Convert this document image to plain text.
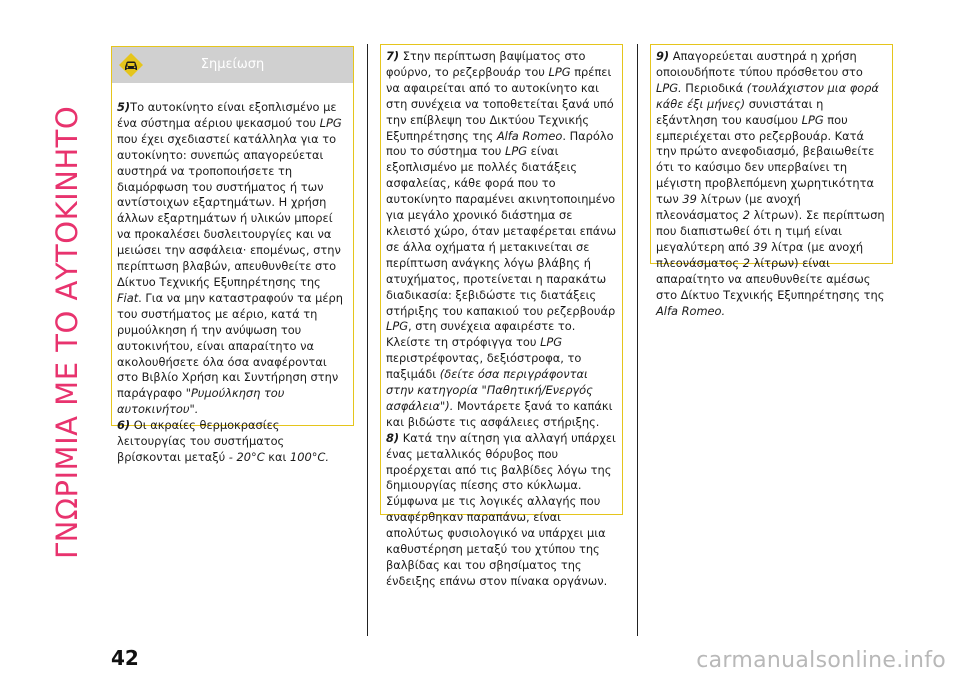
ΓΝΩΡΙΜΙΑ ΜΕ ΤΟ ΑΥΤΟΚΙΝΗΤΟ
Σημείωση

5)Το αυτοκίνητο είναι εξοπλισμένο με ένα σύστημα αέριου ψεκασμού του LPG που έχει σχεδιαστεί κατάλληλα για το αυτοκίνητο: συνεπώς απαγορεύεται αυστηρά να τροποποιήσετε τη διαμόρφωση του συστήματος ή των αντίστοιχων εξαρτημάτων. Η χρήση άλλων εξαρτημάτων ή υλικών μπορεί να προκαλέσει δυσλειτουργίες και να μειώσει την ασφάλεια· επομένως, στην περίπτωση βλαβών, απευθυνθείτε στο Δίκτυο Τεχνικής Εξυπηρέτησης της Fiat. Για να μην καταστραφούν τα μέρη του συστήματος με αέριο, κατά τη ρυμούλκηση ή την ανύψωση του αυτοκινήτου, είναι απαραίτητο να ακολουθήσετε όλα όσα αναφέρονται στο Βιβλίο Χρήση και Συντήρηση στην παράγραφο "Ρυμούλκηση του αυτοκινήτου".

6) Οι ακραίες θερμοκρασίες λειτουργίας του συστήματος βρίσκονται μεταξύ - 20°C και 100°C.

7) Στην περίπτωση βαψίματος στο φούρνο, το ρεζερβουάρ του LPG πρέπει να αφαιρείται από το αυτοκίνητο και στη συνέχεια να τοποθετείται ξανά υπό την επίβλεψη του Δικτύου Τεχνικής Εξυπηρέτησης της Alfa Romeo. Παρόλο που το σύστημα του LPG είναι εξοπλισμένο με πολλές διατάξεις ασφαλείας, κάθε φορά που το αυτοκίνητο παραμένει ακινητοποιημένο για μεγάλο χρονικό διάστημα σε κλειστό χώρο, όταν μεταφέρεται επάνω σε άλλα οχήματα ή μετακινείται σε περίπτωση ανάγκης λόγω βλάβης ή ατυχήματος, προτείνεται η παρακάτω διαδικασία: ξεβιδώστε τις διατάξεις στήριξης του καπακιού του ρεζερβουάρ LPG, στη συνέχεια αφαιρέστε το. Κλείστε τη στρόφιγγα του LPG περιστρέφοντας, δεξιόστροφα, το παξιμάδι (δείτε όσα περιγράφονται στην κατηγορία "Παθητική/Ενεργός ασφάλεια"). Μοντάρετε ξανά το καπάκι και βιδώστε τις ασφάλειες στήριξης.

8) Κατά την αίτηση για αλλαγή υπάρχει ένας μεταλλικός θόρυβος που προέρχεται από τις βαλβίδες λόγω της δημιουργίας πίεσης στο κύκλωμα. Σύμφωνα με τις λογικές αλλαγής που αναφέρθηκαν παραπάνω, είναι απολύτως φυσιολογικό να υπάρχει μια καθυστέρηση μεταξύ του χτύπου της βαλβίδας και του σβησίματος της ένδειξης επάνω στον πίνακα οργάνων.

9) Απαγορεύεται αυστηρά η χρήση οποιουδήποτε τύπου πρόσθετου στο LPG. Περιοδικά (τουλάχιστον μια φορά κάθε έξι μήνες) συνιστάται η εξάντληση του καυσίμου LPG που εμπεριέχεται στο ρεζερβουάρ. Κατά την πρώτο ανεφοδιασμό, βεβαιωθείτε ότι το καύσιμο δεν υπερβαίνει τη μέγιστη προβλεπόμενη χωρητικότητα των 39 λίτρων (με ανοχή πλεονάσματος 2 λίτρων). Σε περίπτωση που διαπιστωθεί ότι η τιμή είναι μεγαλύτερη από 39 λίτρα (με ανοχή πλεονάσματος 2 λίτρων) είναι απαραίτητο να απευθυνθείτε αμέσως στο Δίκτυο Τεχνικής Εξυπηρέτησης της Alfa Romeo.

42	carmanualsonline.info
